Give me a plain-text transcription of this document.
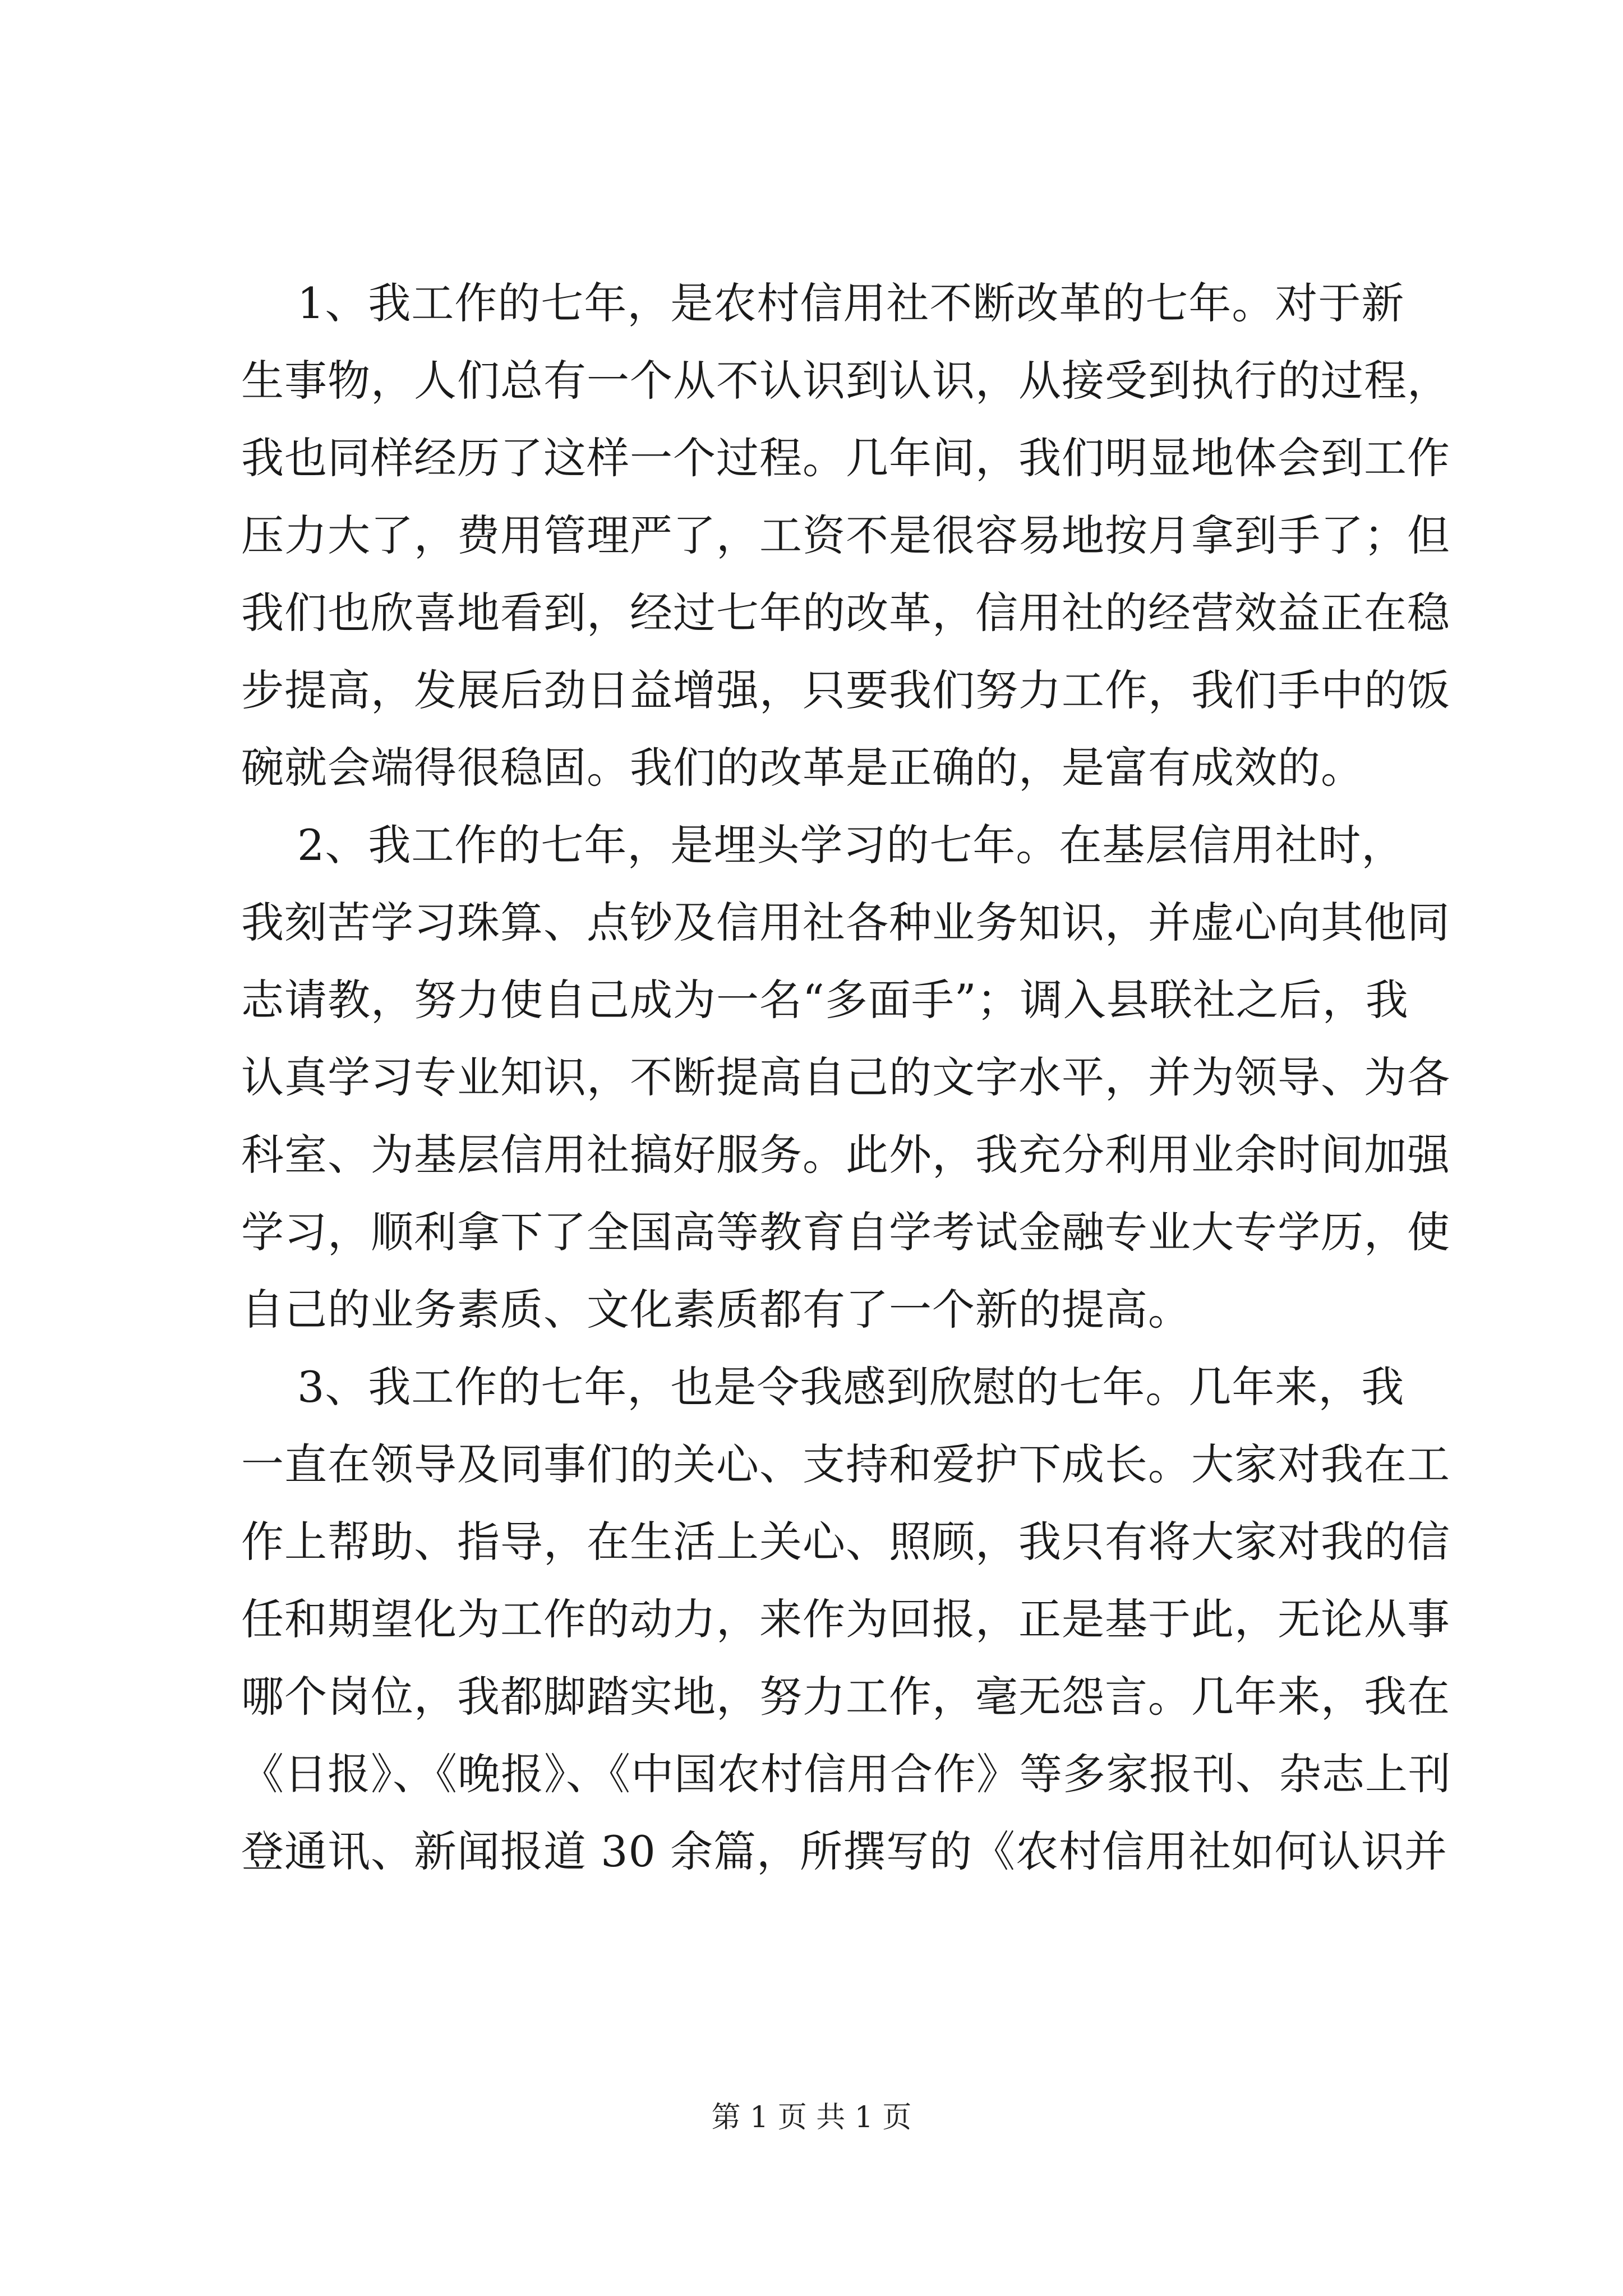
1、我工作的七年，是农村信用社不断改革的七年。对于新
生事物，人们总有一个从不认识到认识，从接受到执行的过程，
我也同样经历了这样一个过程。几年间，我们明显地体会到工作
压力大了，费用管理严了，工资不是很容易地按月拿到手了；但
我们也欣喜地看到，经过七年的改革，信用社的经营效益正在稳
步提高，发展后劲日益增强，只要我们努力工作，我们手中的饭
碗就会端得很稳固。我们的改革是正确的，是富有成效的。
2、我工作的七年，是埋头学习的七年。在基层信用社时，
我刻苦学习珠算、点钞及信用社各种业务知识，并虚心向其他同
志请教，努力使自己成为一名“多面手”；调入县联社之后，我
认真学习专业知识，不断提高自己的文字水平，并为领导、为各
科室、为基层信用社搞好服务。此外，我充分利用业余时间加强
学习，顺利拿下了全国高等教育自学考试金融专业大专学历，使
自己的业务素质、文化素质都有了一个新的提高。
3、我工作的七年，也是令我感到欣慰的七年。几年来，我
一直在领导及同事们的关心、支持和爱护下成长。大家对我在工
作上帮助、指导，在生活上关心、照顾，我只有将大家对我的信
任和期望化为工作的动力，来作为回报，正是基于此，无论从事
哪个岗位，我都脚踏实地，努力工作，毫无怨言。几年来，我在
《日报》、《晚报》、《中国农村信用合作》等多家报刊、杂志上刊
登通讯、新闻报道 30 余篇，所撰写的《农村信用社如何认识并
第 1 页 共 1 页
